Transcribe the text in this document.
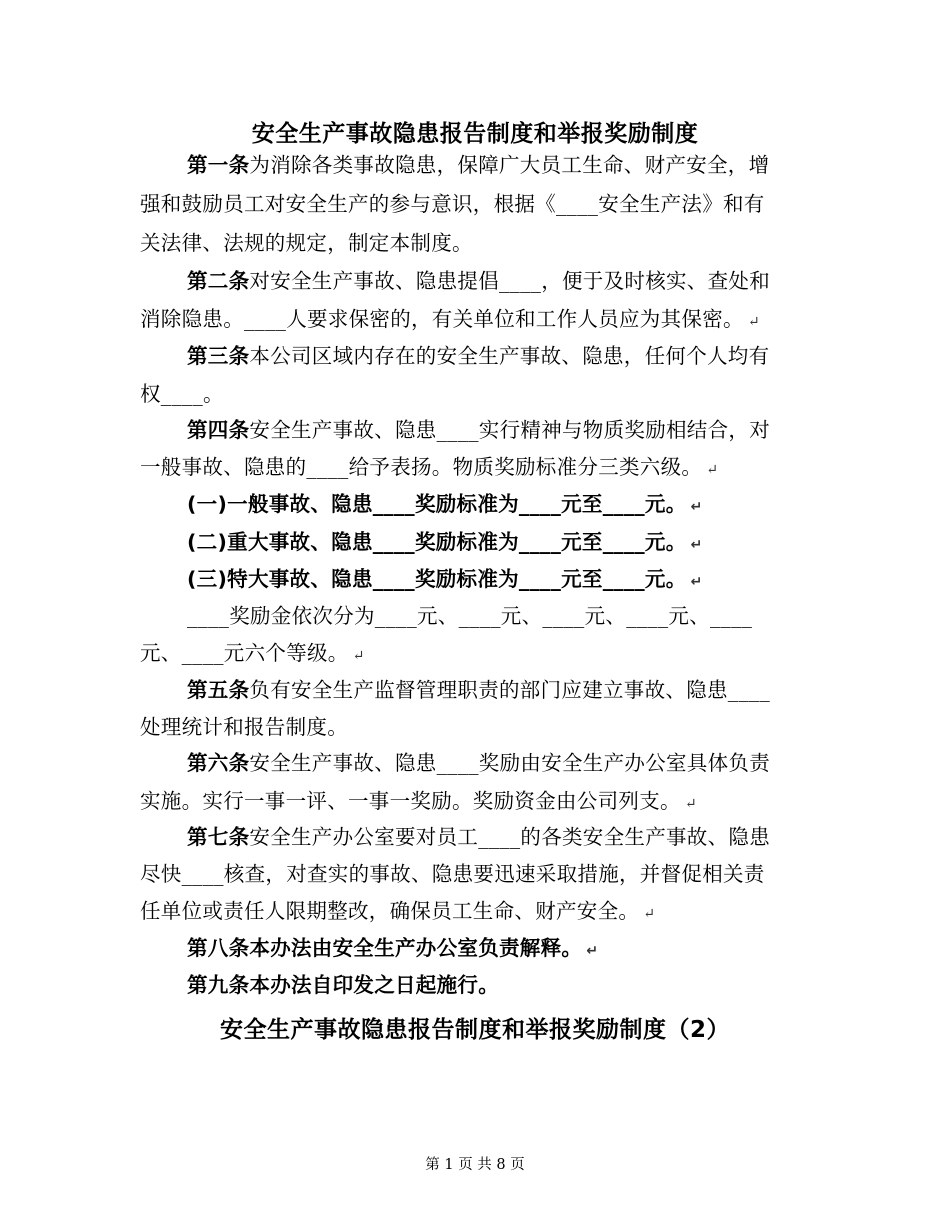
安全生产事故隐患报告制度和举报奖励制度
第一条为消除各类事故隐患，保障广大员工生命、财产安全，增
强和鼓励员工对安全生产的参与意识，根据《____安全生产法》和有
关法律、法规的规定，制定本制度。
第二条对安全生产事故、隐患提倡____，便于及时核实、查处和
消除隐患。____人要求保密的，有关单位和工作人员应为其保密。 ↵
第三条本公司区域内存在的安全生产事故、隐患，任何个人均有
权____。
第四条安全生产事故、隐患____实行精神与物质奖励相结合，对
一般事故、隐患的____给予表扬。物质奖励标准分三类六级。 ↵
(一)一般事故、隐患____奖励标准为____元至____元。 ↵
(二)重大事故、隐患____奖励标准为____元至____元。 ↵
(三)特大事故、隐患____奖励标准为____元至____元。 ↵
____奖励金依次分为____元、____元、____元、____元、____
元、____元六个等级。 ↵
第五条负有安全生产监督管理职责的部门应建立事故、隐患____
处理统计和报告制度。
第六条安全生产事故、隐患____奖励由安全生产办公室具体负责
实施。实行一事一评、一事一奖励。奖励资金由公司列支。 ↵
第七条安全生产办公室要对员工____的各类安全生产事故、隐患
尽快____核查，对查实的事故、隐患要迅速采取措施，并督促相关责
任单位或责任人限期整改，确保员工生命、财产安全。 ↵
第八条本办法由安全生产办公室负责解释。 ↵
第九条本办法自印发之日起施行。
安全生产事故隐患报告制度和举报奖励制度（2）
第 1 页 共 8 页
